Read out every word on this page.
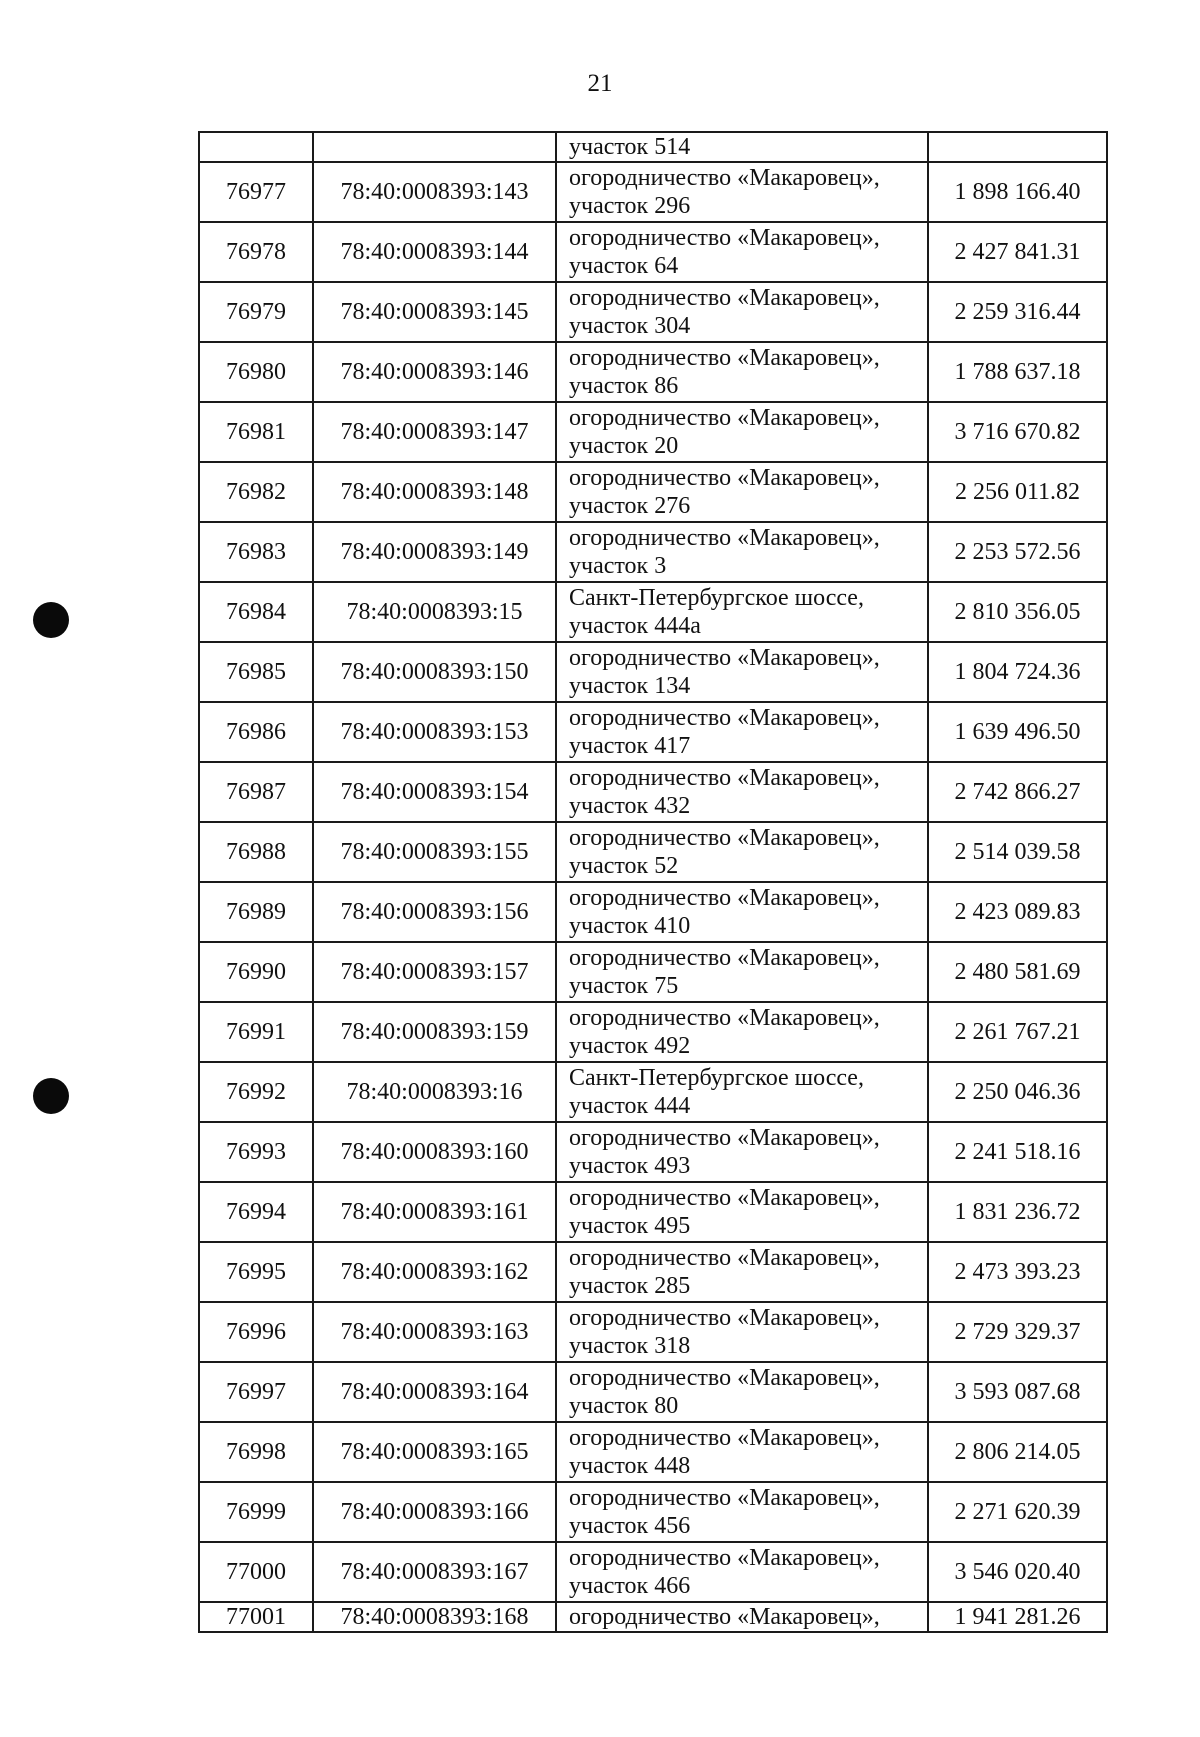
21

		участок 514	

76977	78:40:0008393:143	огородничество «Макаровец»,
участок 296	1 898 166.40
76978	78:40:0008393:144	огородничество «Макаровец»,
участок 64	2 427 841.31
76979	78:40:0008393:145	огородничество «Макаровец»,
участок 304	2 259 316.44
76980	78:40:0008393:146	огородничество «Макаровец»,
участок 86	1 788 637.18
76981	78:40:0008393:147	огородничество «Макаровец»,
участок 20	3 716 670.82
76982	78:40:0008393:148	огородничество «Макаровец»,
участок 276	2 256 011.82
76983	78:40:0008393:149	огородничество «Макаровец»,
участок 3	2 253 572.56
76984	78:40:0008393:15	Санкт-Петербургское шоссе,
участок 444а	2 810 356.05
76985	78:40:0008393:150	огородничество «Макаровец»,
участок 134	1 804 724.36
76986	78:40:0008393:153	огородничество «Макаровец»,
участок 417	1 639 496.50
76987	78:40:0008393:154	огородничество «Макаровец»,
участок 432	2 742 866.27
76988	78:40:0008393:155	огородничество «Макаровец»,
участок 52	2 514 039.58
76989	78:40:0008393:156	огородничество «Макаровец»,
участок 410	2 423 089.83
76990	78:40:0008393:157	огородничество «Макаровец»,
участок 75	2 480 581.69
76991	78:40:0008393:159	огородничество «Макаровец»,
участок 492	2 261 767.21
76992	78:40:0008393:16	Санкт-Петербургское шоссе,
участок 444	2 250 046.36
76993	78:40:0008393:160	огородничество «Макаровец»,
участок 493	2 241 518.16
76994	78:40:0008393:161	огородничество «Макаровец»,
участок 495	1 831 236.72
76995	78:40:0008393:162	огородничество «Макаровец»,
участок 285	2 473 393.23
76996	78:40:0008393:163	огородничество «Макаровец»,
участок 318	2 729 329.37
76997	78:40:0008393:164	огородничество «Макаровец»,
участок 80	3 593 087.68
76998	78:40:0008393:165	огородничество «Макаровец»,
участок 448	2 806 214.05
76999	78:40:0008393:166	огородничество «Макаровец»,
участок 456	2 271 620.39
77000	78:40:0008393:167	огородничество «Макаровец»,
участок 466	3 546 020.40
77001	78:40:0008393:168	огородничество «Макаровец»,	1 941 281.26
